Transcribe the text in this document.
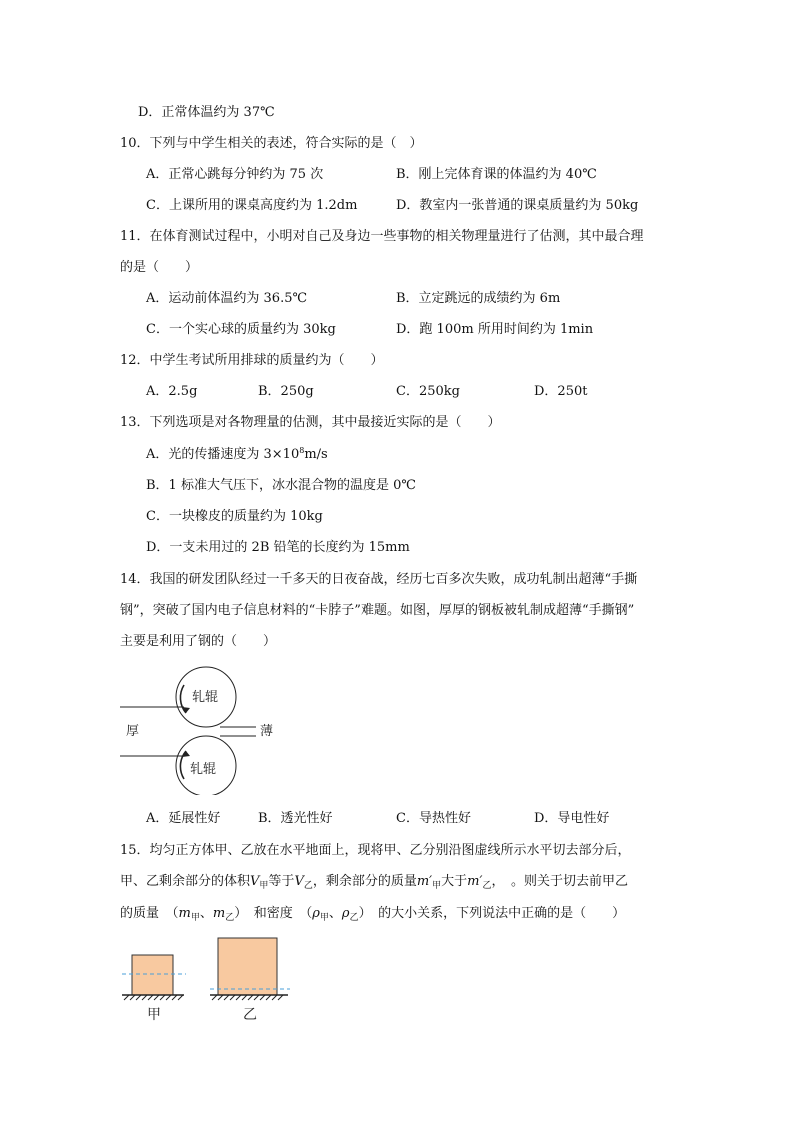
D．正常体温约为 37℃
10．下列与中学生相关的表述，符合实际的是（　）
A．正常心跳每分钟约为 75 次	B．刚上完体育课的体温约为 40℃
C．上课所用的课桌高度约为 1.2dm	D．教室内一张普通的课桌质量约为 50kg
11．在体育测试过程中，小明对自己及身边一些事物的相关物理量进行了估测，其中最合理
的是（　　）
A．运动前体温约为 36.5℃	B．立定跳远的成绩约为 6m
C．一个实心球的质量约为 30kg	D．跑 100m 所用时间约为 1min
12．中学生考试所用排球的质量约为（　　）
A．2.5g	B．250g	C．250kg	D．250t
13．下列选项是对各物理量的估测，其中最接近实际的是（　　）
A．光的传播速度为 $3\times 10^8m/s$
B．1 标准大气压下，冰水混合物的温度是 0℃
C．一块橡皮的质量约为 10kg
D．一支未用过的 2B 铅笔的长度约为 15mm
14．我国的研发团队经过一千多天的日夜奋战，经历七百多次失败，成功轧制出超薄“手撕
钢”，突破了国内电子信息材料的“卡脖子”难题。如图，厚厚的钢板被轧制成超薄“手撕钢”
主要是利用了钢的（　　）
轧辊
轧辊
厚	薄
A．延展性好	B．透光性好	C．导热性好	D．导电性好
15．均匀正方体甲、乙放在水平地面上，现将甲、乙分别沿图虚线所示水平切去部分后，
甲、乙剩余部分的体积$V_甲$等于$V_乙$，剩余部分的质量$m'_甲$大于$m'_乙$，　。则关于切去前甲乙
的质量　（$m_甲$、$m_乙$）　和密度　（$\rho_甲$、$\rho_乙$）　的大小关系，下列说法中正确的是（　　）
甲	乙
